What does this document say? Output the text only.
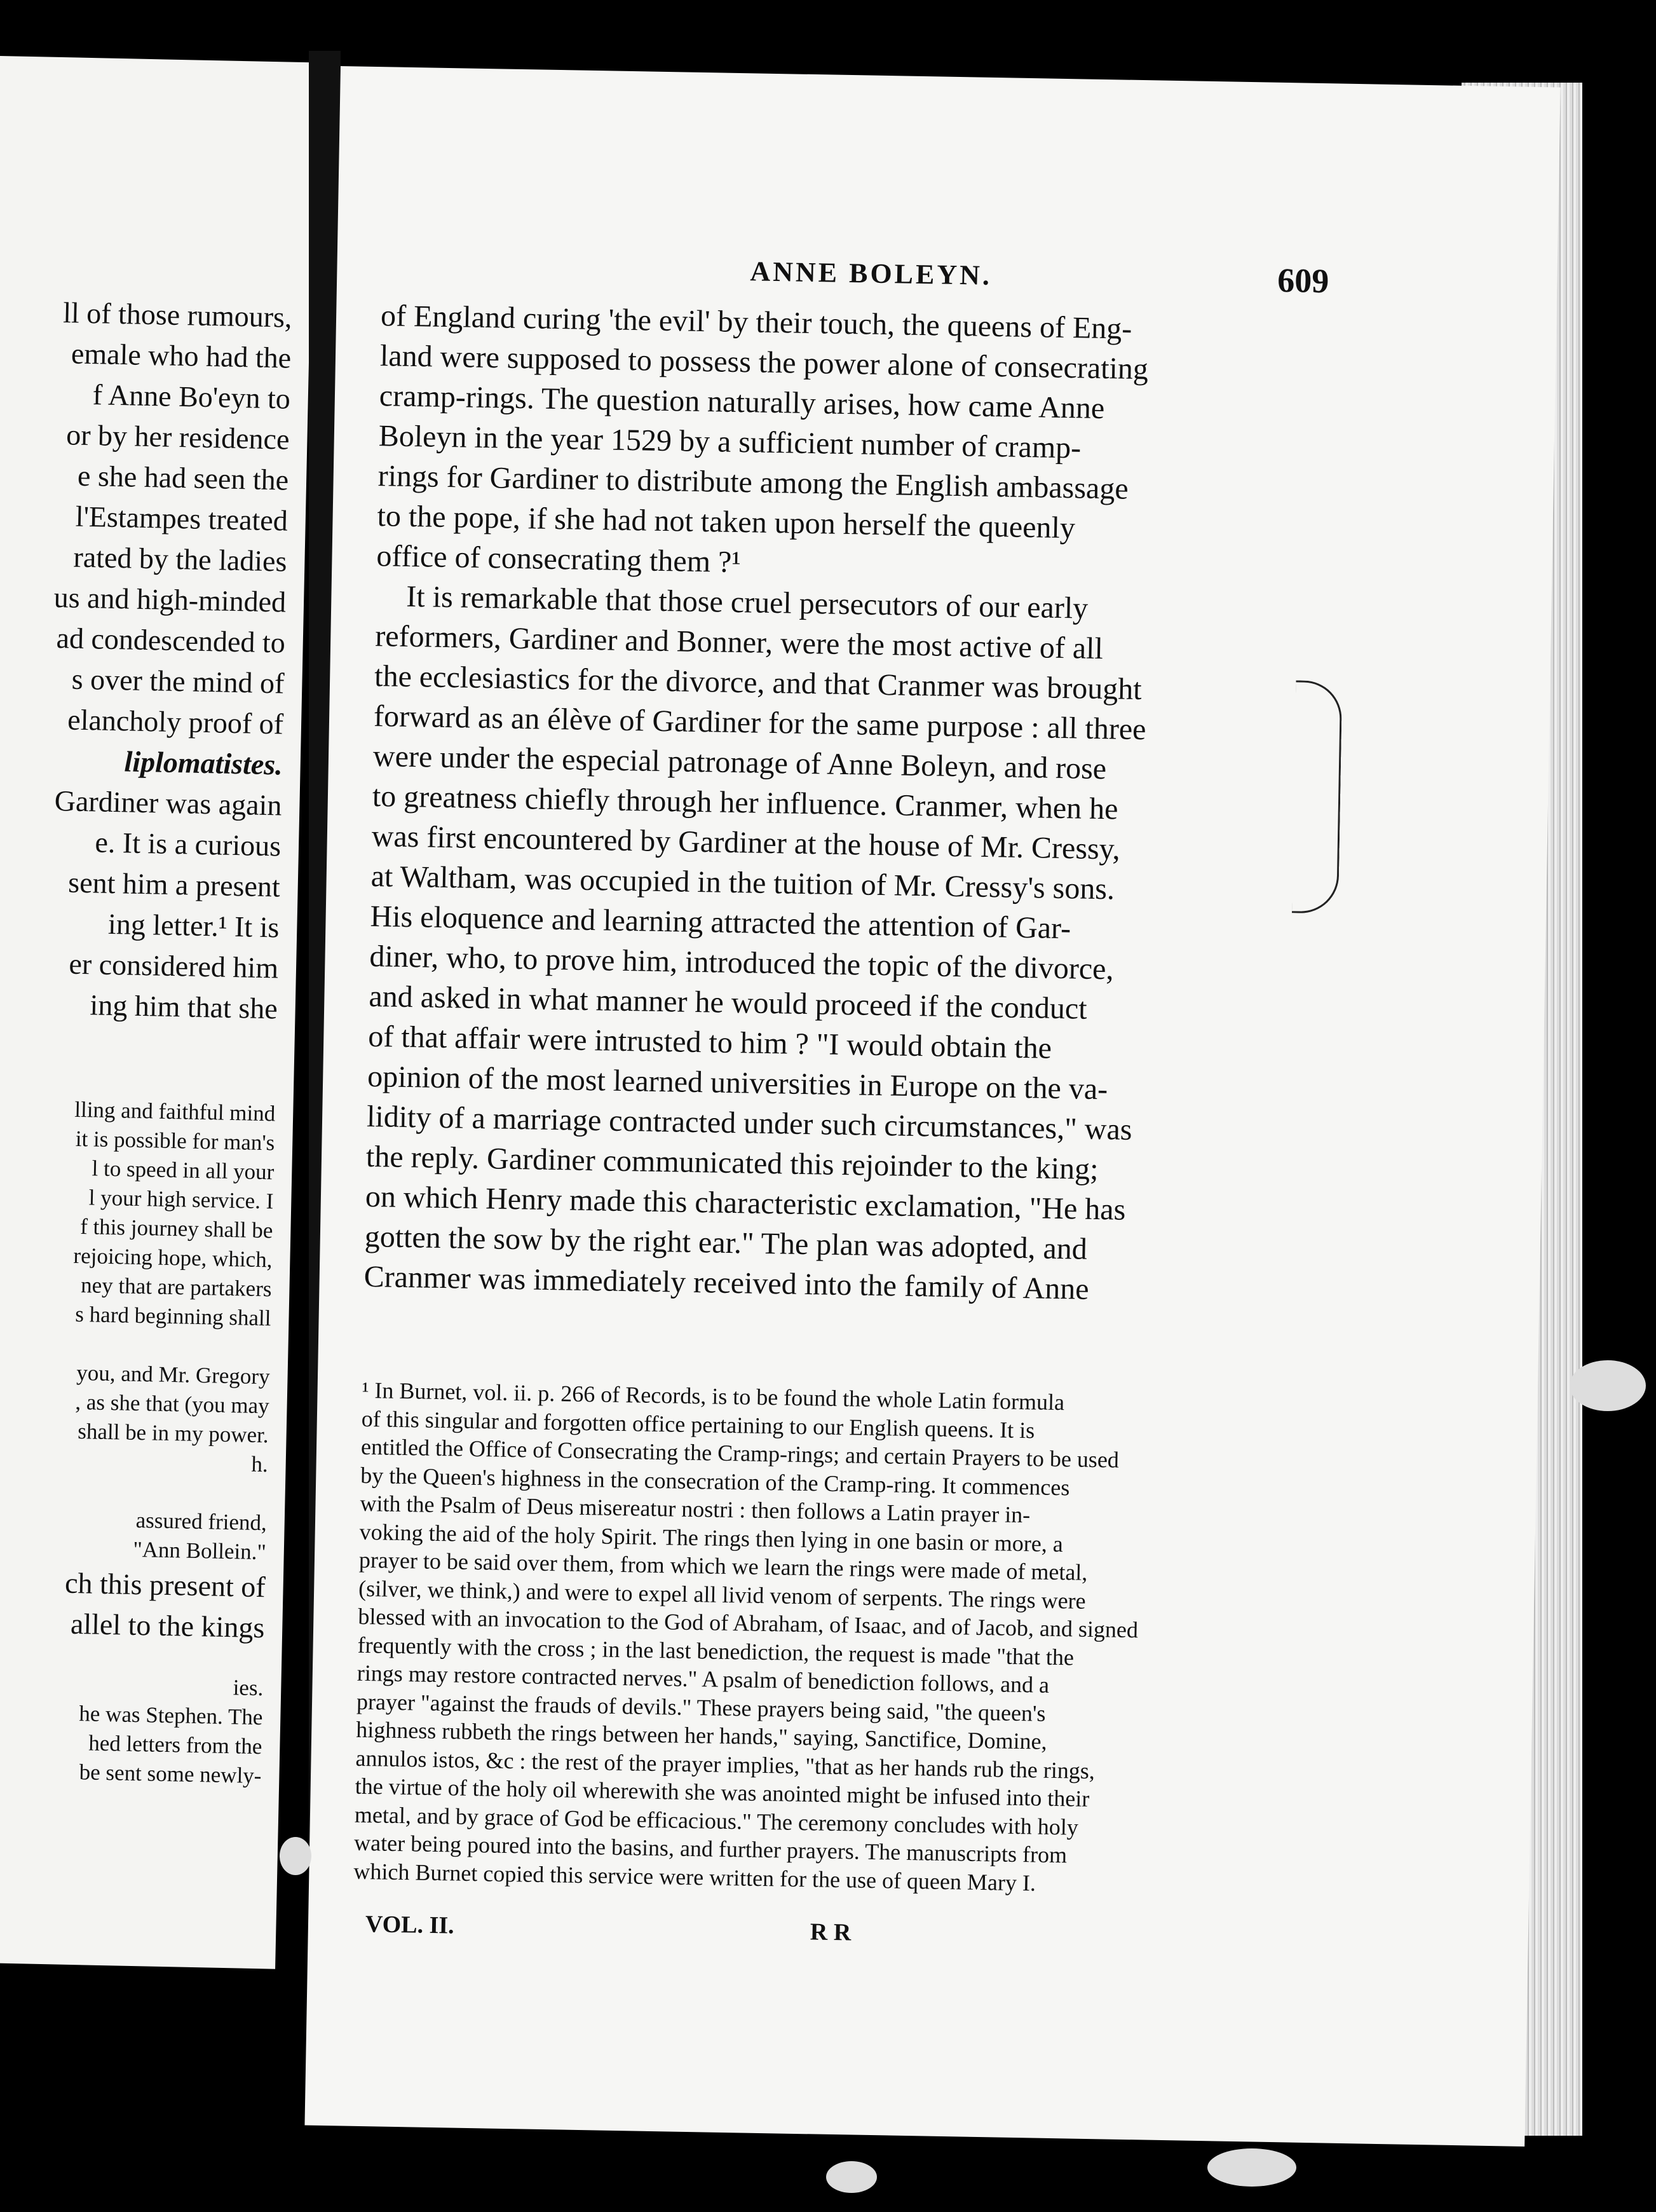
ll of those rumours,
emale who had the
f Anne Bo'eyn to
or by her residence
e she had seen the
l'Estampes treated
rated by the ladies
us and high-minded
ad condescended to
s over the mind of
elancholy proof of
liplomatistes.
Gardiner was again
e. It is a curious
sent him a present
ing letter.¹ It is
er considered him
ing him that she
lling and faithful mind
it is possible for man's
l to speed in all your
l your high service. I
f this journey shall be
rejoicing hope, which,
ney that are partakers
s hard beginning shall
you, and Mr. Gregory
, as she that (you may
shall be in my power.
h.
assured friend,
"Ann Bollein."
ch this present of
allel to the kings
ies.
he was Stephen. The
hed letters from the
be sent some newly-
ANNE BOLEYN.	609
of England curing 'the evil' by their touch, the queens of Eng-
land were supposed to possess the power alone of consecrating
cramp-rings. The question naturally arises, how came Anne
Boleyn in the year 1529 by a sufficient number of cramp-
rings for Gardiner to distribute among the English ambassage
to the pope, if she had not taken upon herself the queenly
office of consecrating them ?¹
It is remarkable that those cruel persecutors of our early
reformers, Gardiner and Bonner, were the most active of all
the ecclesiastics for the divorce, and that Cranmer was brought
forward as an élève of Gardiner for the same purpose : all three
were under the especial patronage of Anne Boleyn, and rose
to greatness chiefly through her influence. Cranmer, when he
was first encountered by Gardiner at the house of Mr. Cressy,
at Waltham, was occupied in the tuition of Mr. Cressy's sons.
His eloquence and learning attracted the attention of Gar-
diner, who, to prove him, introduced the topic of the divorce,
and asked in what manner he would proceed if the conduct
of that affair were intrusted to him ? "I would obtain the
opinion of the most learned universities in Europe on the va-
lidity of a marriage contracted under such circumstances," was
the reply. Gardiner communicated this rejoinder to the king;
on which Henry made this characteristic exclamation, "He has
gotten the sow by the right ear." The plan was adopted, and
Cranmer was immediately received into the family of Anne
¹ In Burnet, vol. ii. p. 266 of Records, is to be found the whole Latin formula
of this singular and forgotten office pertaining to our English queens. It is
entitled the Office of Consecrating the Cramp-rings; and certain Prayers to be used
by the Queen's highness in the consecration of the Cramp-ring. It commences
with the Psalm of Deus misereatur nostri : then follows a Latin prayer in-
voking the aid of the holy Spirit. The rings then lying in one basin or more, a
prayer to be said over them, from which we learn the rings were made of metal,
(silver, we think,) and were to expel all livid venom of serpents. The rings were
blessed with an invocation to the God of Abraham, of Isaac, and of Jacob, and signed
frequently with the cross ; in the last benediction, the request is made "that the
rings may restore contracted nerves." A psalm of benediction follows, and a
prayer "against the frauds of devils." These prayers being said, "the queen's
highness rubbeth the rings between her hands," saying, Sanctifice, Domine,
annulos istos, &c : the rest of the prayer implies, "that as her hands rub the rings,
the virtue of the holy oil wherewith she was anointed might be infused into their
metal, and by grace of God be efficacious." The ceremony concludes with holy
water being poured into the basins, and further prayers. The manuscripts from
which Burnet copied this service were written for the use of queen Mary I.
VOL. II.	R R
